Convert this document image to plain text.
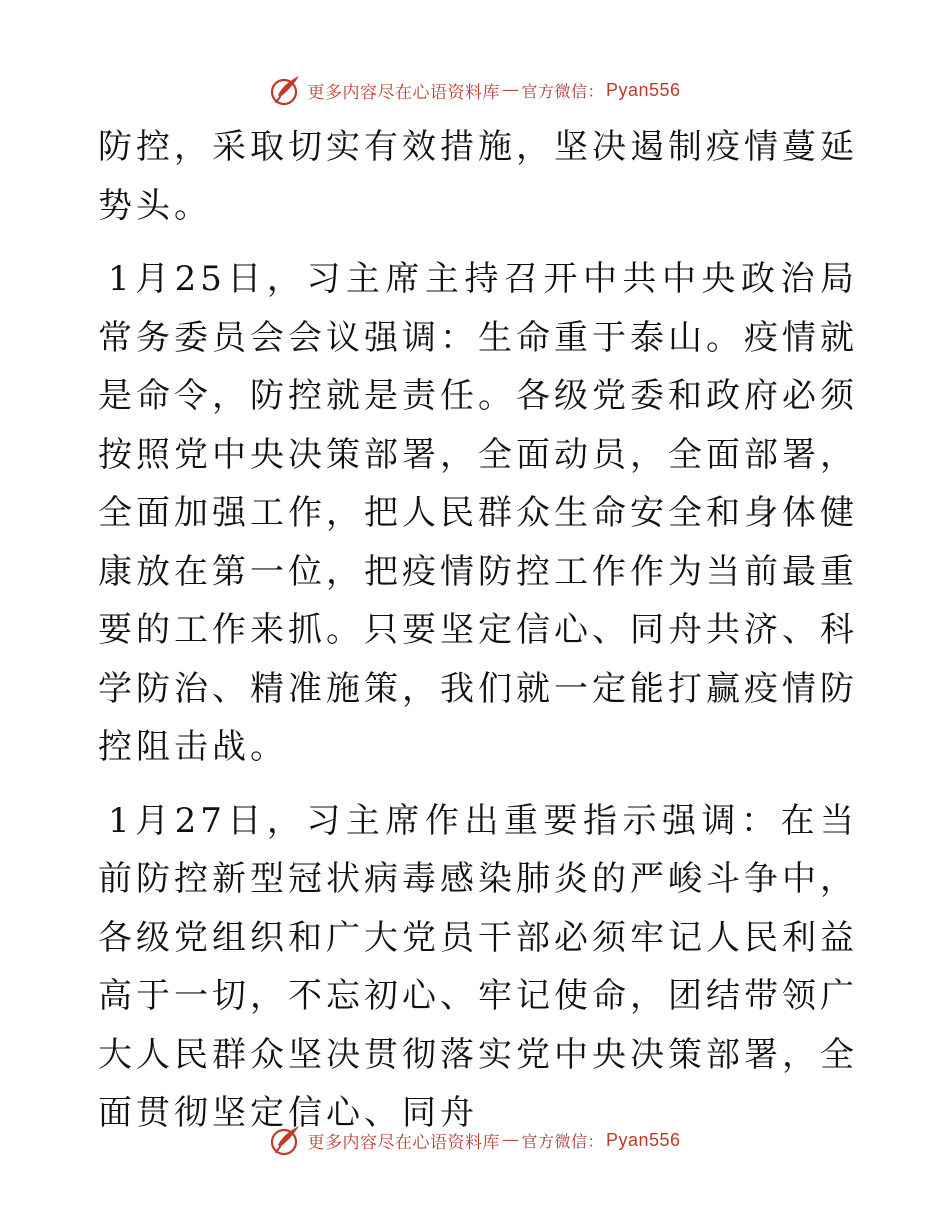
更多内容尽在心语资料库 — 官方微信： Pyan556

防控，采取切实有效措施，坚决遏制疫情蔓延势头。

1月25日，习主席主持召开中共中央政治局常务委员会会议强调：生命重于泰山。疫情就是命令，防控就是责任。各级党委和政府必须按照党中央决策部署，全面动员，全面部署，全面加强工作，把人民群众生命安全和身体健康放在第一位，把疫情防控工作作为当前最重要的工作来抓。只要坚定信心、同舟共济、科学防治、精准施策，我们就一定能打赢疫情防控阻击战。

1月27日，习主席作出重要指示强调：在当前防控新型冠状病毒感染肺炎的严峻斗争中，各级党组织和广大党员干部必须牢记人民利益高于一切，不忘初心、牢记使命，团结带领广大人民群众坚决贯彻落实党中央决策部署，全面贯彻坚定信心、同舟

更多内容尽在心语资料库 — 官方微信： Pyan556
